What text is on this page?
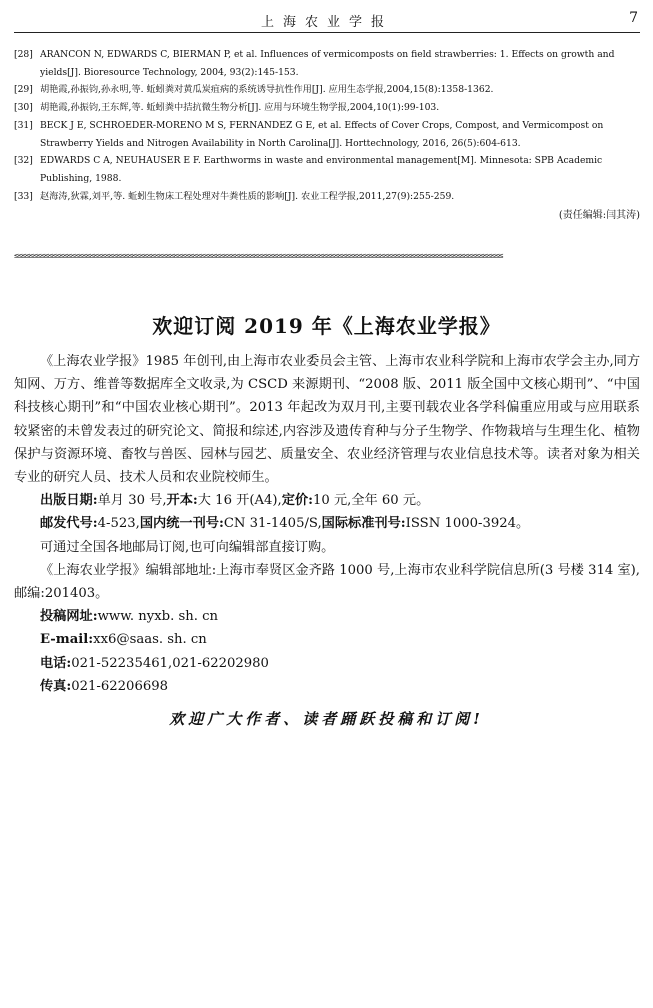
上海农业学报	7
[28] ARANCON N, EDWARDS C, BIERMAN P, et al. Influences of vermicomposts on field strawberries: 1. Effects on growth and yields[J]. Bioresource Technology, 2004, 93(2):145-153.
[29] 胡艳霞,孙振钧,孙永明,等. 蚯蚓粪对黄瓜炭疽病的系统诱导抗性作用[J]. 应用生态学报,2004,15(8):1358-1362.
[30] 胡艳霞,孙振钧,王东辉,等. 蚯蚓粪中拮抗微生物分析[J]. 应用与环境生物学报,2004,10(1):99-103.
[31] BECK J E, SCHROEDER-MORENO M S, FERNANDEZ G E, et al. Effects of Cover Crops, Compost, and Vermicompost on Strawberry Yields and Nitrogen Availability in North Carolina[J]. Horttechnology, 2016, 26(5):604-613.
[32] EDWARDS C A, NEUHAUSER E F. Earthworms in waste and environmental management[M]. Minnesota: SPB Academic Publishing, 1988.
[33] 赵海涛,狄霖,刘平,等. 蚯蚓生物床工程处理对牛粪性质的影响[J]. 农业工程学报,2011,27(9):255-259.
(责任编辑:闫其涛)
≤≤≤≤≤≤≤≤≤≤≤≤≤≤≤≤≤≤≤≤≤≤≤≤≤≤≤≤≤≤≤≤≤≤≤≤≤≤≤≤≤≤≤≤≤≤≤≤≤≤≤≤≤≤≤≤≤≤≤≤≤≤≤≤≤≤≤≤≤≤≤≤≤≤≤≤≤≤≤≤≤≤≤≤≤≤≤≤≤≤≤≤≤≤≤≤≤≤≤≤≤≤≤≤≤≤≤≤≤≤≤≤≤≤≤≤≤≤≤≤≤≤≤≤≤≤≤≤
欢迎订阅 2019 年《上海农业学报》

《上海农业学报》1985 年创刊,由上海市农业委员会主管、上海市农业科学院和上海市农学会主办,同方知网、万方、维普等数据库全文收录,为 CSCD 来源期刊、“2008 版、2011 版全国中文核心期刊”、“中国科技核心期刊”和“中国农业核心期刊”。2013 年起改为双月刊,主要刊载农业各学科偏重应用或与应用联系较紧密的未曾发表过的研究论文、简报和综述,内容涉及遗传育种与分子生物学、作物栽培与生理生化、植物保护与资源环境、畜牧与兽医、园林与园艺、质量安全、农业经济管理与农业信息技术等。读者对象为相关专业的研究人员、技术人员和农业院校师生。

出版日期:单月 30 号,开本:大 16 开(A4),定价:10 元,全年 60 元。

邮发代号:4-523,国内统一刊号:CN 31-1405/S,国际标准刊号:ISSN 1000-3924。

可通过全国各地邮局订阅,也可向编辑部直接订购。

《上海农业学报》编辑部地址:上海市奉贤区金齐路 1000 号,上海市农业科学院信息所(3 号楼 314 室),邮编:201403。

投稿网址:www. nyxb. sh. cn

E-mail:xx6@saas. sh. cn

电话:021-52235461,021-62202980

传真:021-62206698

欢迎广大作者、读者踊跃投稿和订阅!
